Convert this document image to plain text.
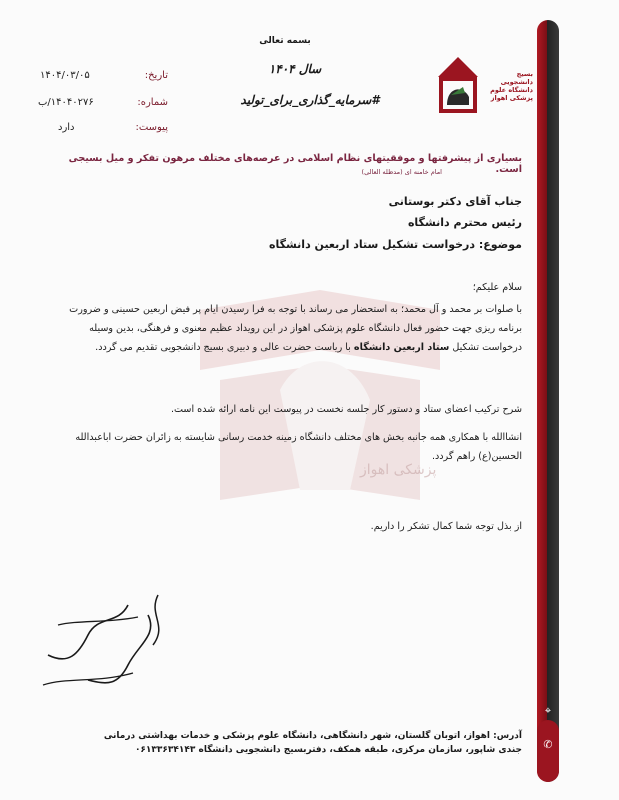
پزشکی اهواز
⌖
✆
بسیج
دانشجویی
دانشگاه علوم
پزشکی اهواز
بسمه تعالی
سال ۱۴۰۴
#سرمایه_گذاری_برای_تولید
تاریخ:
۱۴۰۴/۰۳/۰۵
شماره:
۱۴۰۴۰۲۷۶/ب
پیوست:
دارد
بسیاری از پیشرفتها و موفقیتهای نظام اسلامی در عرصه‌های مختلف مرهون تفکر و میل بسیجی است.
امام خامنه ای (مدظله العالی)
جناب آقای دکتر بوستانی
رئیس محترم دانشگاه
موضوع: درخواست تشکیل ستاد اربعین دانشگاه
سلام علیکم؛
با صلوات بر محمد و آل محمد؛ به استحضار می رساند با توجه به فرا رسیدن ایام پر فیض اربعین حسینی و ضرورت برنامه ریزی جهت حضور فعال دانشگاه علوم پزشکی اهواز در این رویداد عظیم معنوی و فرهنگی، بدین وسیله درخواست تشکیل ستاد اربعین دانشگاه با ریاست حضرت عالی و دبیری بسیج دانشجویی تقدیم می گردد.
شرح ترکیب اعضای ستاد و دستور کار جلسه نخست در پیوست این نامه ارائه شده است.
انشاالله با همکاری همه جانبه بخش های مختلف دانشگاه زمینه خدمت رسانی شایسته به زائران حضرت اباعبدالله الحسین(ع) راهم گردد.
از بذل توجه شما کمال تشکر را داریم.
آدرس: اهواز، اتوبان گلستان، شهر دانشگاهی، دانشگاه علوم پزشکی و خدمات بهداشتی درمانی
جندی شاپور، سازمان مرکزی، طبقه همکف، دفتربسیج دانشجویی دانشگاه ۰۶۱۳۳۶۳۴۱۴۳
